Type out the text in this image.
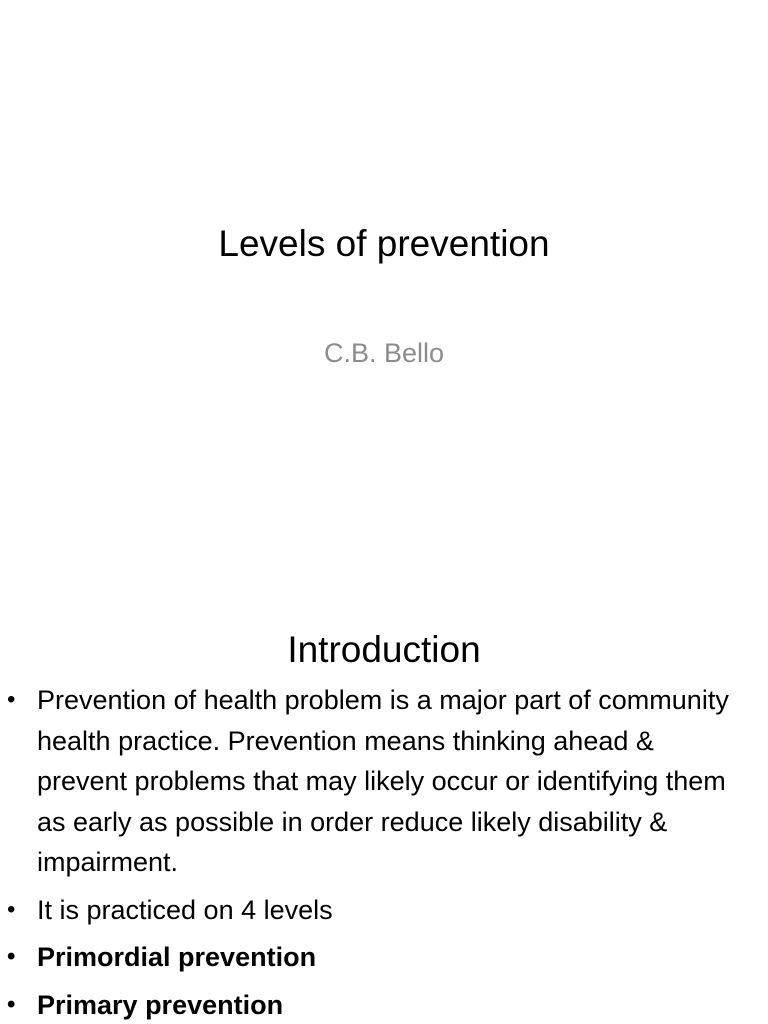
Levels of prevention
C.B. Bello
Introduction
• Prevention of health problem is a major part of community health practice. Prevention means thinking ahead & prevent problems that may likely occur or identifying them as early as possible in order reduce likely disability & impairment.
• It is practiced on 4 levels
• Primordial prevention
• Primary prevention
